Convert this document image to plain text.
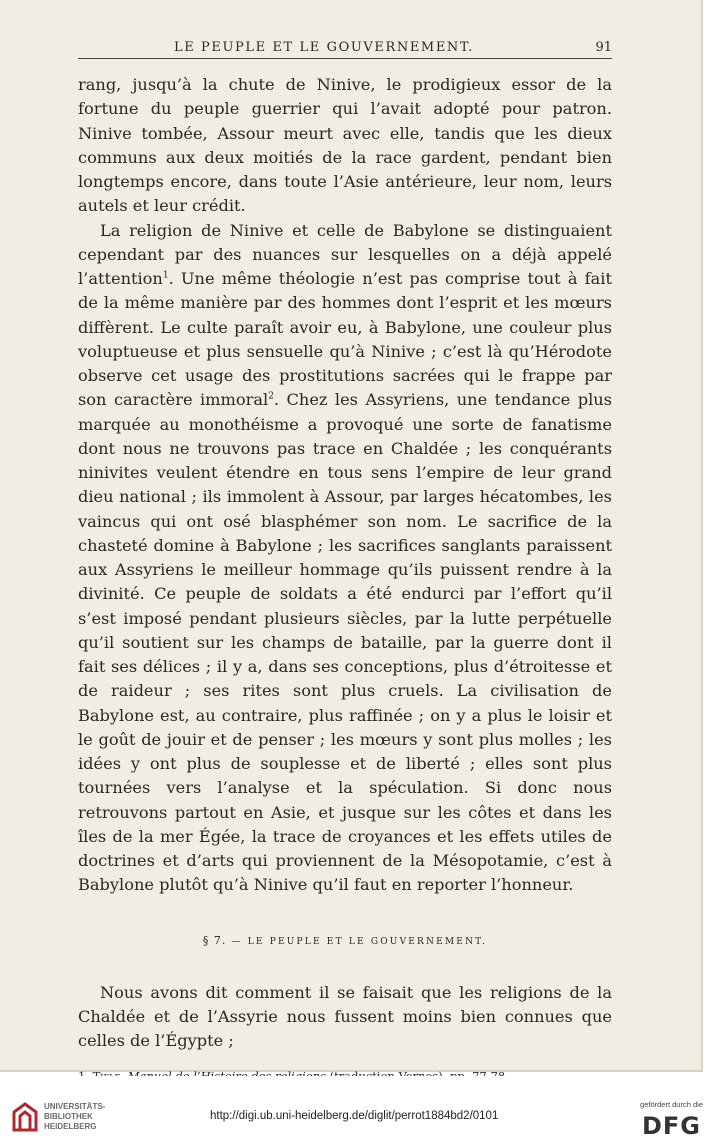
LE PEUPLE ET LE GOUVERNEMENT.	91

rang, jusqu’à la chute de Ninive, le prodigieux essor de la fortune du peuple guerrier qui l’avait adopté pour patron. Ninive tombée, Assour meurt avec elle, tandis que les dieux communs aux deux moitiés de la race gardent, pendant bien longtemps encore, dans toute l’Asie antérieure, leur nom, leurs autels et leur crédit.

La religion de Ninive et celle de Babylone se distinguaient cependant par des nuances sur lesquelles on a déjà appelé l’attention$^1$. Une même théologie n’est pas comprise tout à fait de la même manière par des hommes dont l’esprit et les mœurs diffèrent. Le culte paraît avoir eu, à Babylone, une couleur plus voluptueuse et plus sensuelle qu’à Ninive ; c’est là qu’Hérodote observe cet usage des prostitutions sacrées qui le frappe par son caractère immoral$^2$. Chez les Assyriens, une tendance plus marquée au monothéisme a provoqué une sorte de fanatisme dont nous ne trouvons pas trace en Chaldée ; les conquérants ninivites veulent étendre en tous sens l’empire de leur grand dieu national ; ils immolent à Assour, par larges hécatombes, les vaincus qui ont osé blasphémer son nom. Le sacrifice de la chasteté domine à Babylone ; les sacrifices sanglants paraissent aux Assyriens le meilleur hommage qu’ils puissent rendre à la divinité. Ce peuple de soldats a été endurci par l’effort qu’il s’est imposé pendant plusieurs siècles, par la lutte perpétuelle qu’il soutient sur les champs de bataille, par la guerre dont il fait ses délices ; il y a, dans ses conceptions, plus d’étroitesse et de raideur ; ses rites sont plus cruels. La civilisation de Babylone est, au contraire, plus raffinée ; on y a plus le loisir et le goût de jouir et de penser ; les mœurs y sont plus molles ; les idées y ont plus de souplesse et de liberté ; elles sont plus tournées vers l’analyse et la spéculation. Si donc nous retrouvons partout en Asie, et jusque sur les côtes et dans les îles de la mer Égée, la trace de croyances et les effets utiles de doctrines et d’arts qui proviennent de la Mésopotamie, c’est à Babylone plutôt qu’à Ninive qu’il faut en reporter l’honneur.

§ 7. — LE PEUPLE ET LE GOUVERNEMENT.

Nous avons dit comment il se faisait que les religions de la Chaldée et de l’Assyrie nous fussent moins bien connues que celles de l’Égypte ;

UNIVERSITÄTS-
BIBLIOTHEK
HEIDELBERG
http://digi.ub.uni-heidelberg.de/diglit/perrot1884bd2/0101
gefördert durch die
DFG
